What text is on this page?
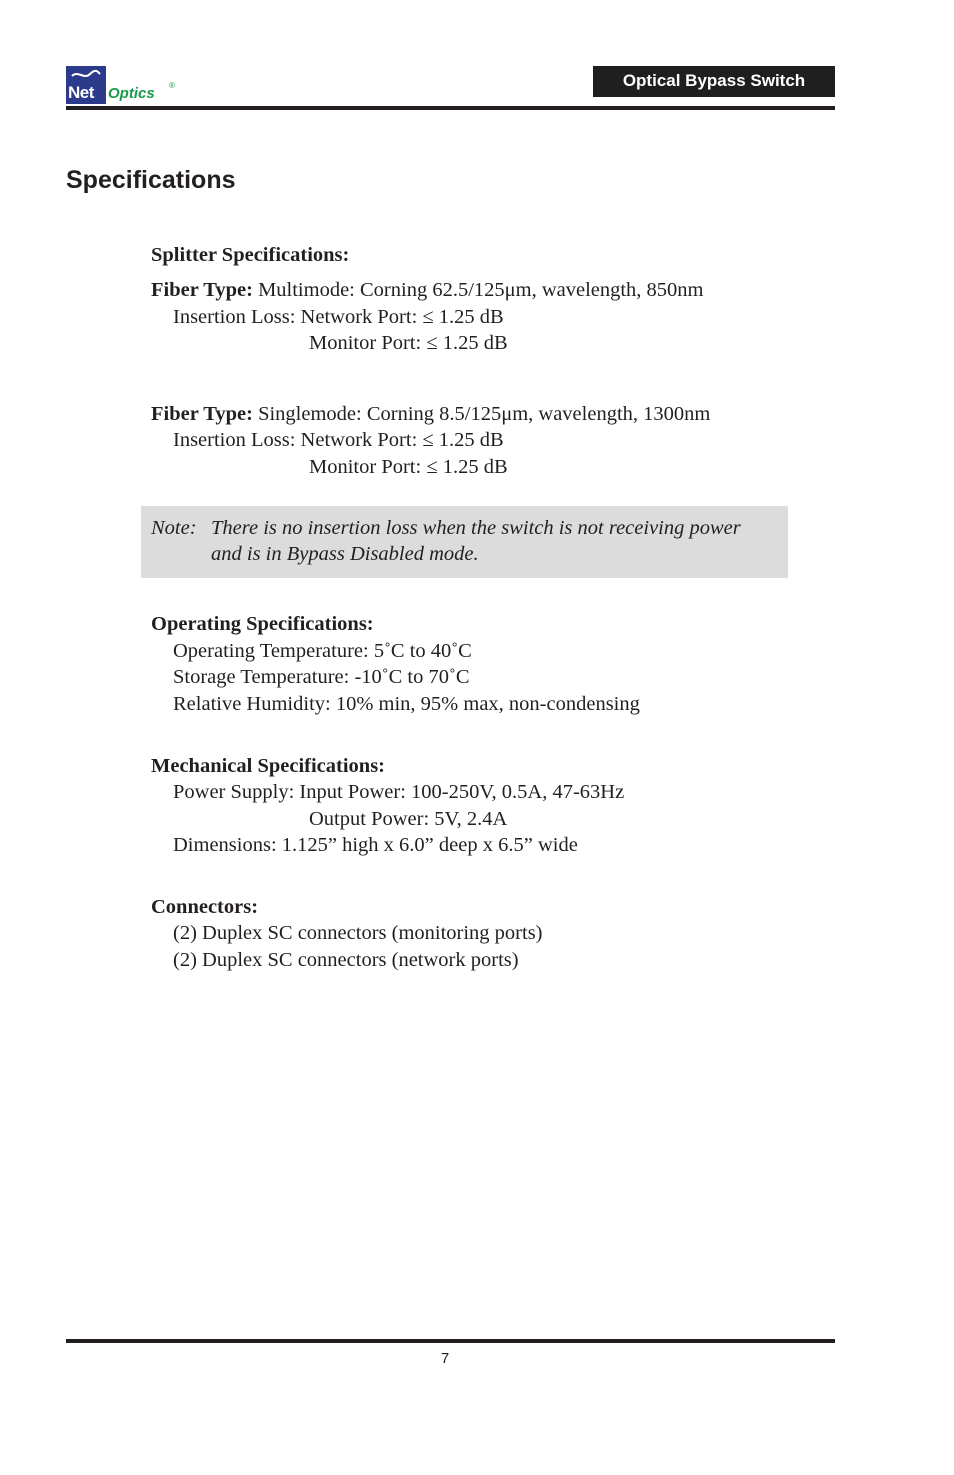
Net Optics ®	Optical Bypass Switch
Specifications
Splitter Specifications:
Fiber Type: Multimode: Corning 62.5/125μm, wavelength, 850nm
Insertion Loss: Network Port: ≤ 1.25 dB
Monitor Port: ≤ 1.25 dB
Fiber Type: Singlemode: Corning 8.5/125μm, wavelength, 1300nm
Insertion Loss: Network Port: ≤ 1.25 dB
Monitor Port: ≤ 1.25 dB
Note: There is no insertion loss when the switch is not receiving power
and is in Bypass Disabled mode.
Operating Specifications:
Operating Temperature: 5˚C to 40˚C
Storage Temperature: -10˚C to 70˚C
Relative Humidity: 10% min, 95% max, non-condensing
Mechanical Specifications:
Power Supply: Input Power: 100-250V, 0.5A, 47-63Hz
Output Power: 5V, 2.4A
Dimensions: 1.125” high x 6.0” deep x 6.5” wide
Connectors:
(2) Duplex SC connectors (monitoring ports)
(2) Duplex SC connectors (network ports)
7
